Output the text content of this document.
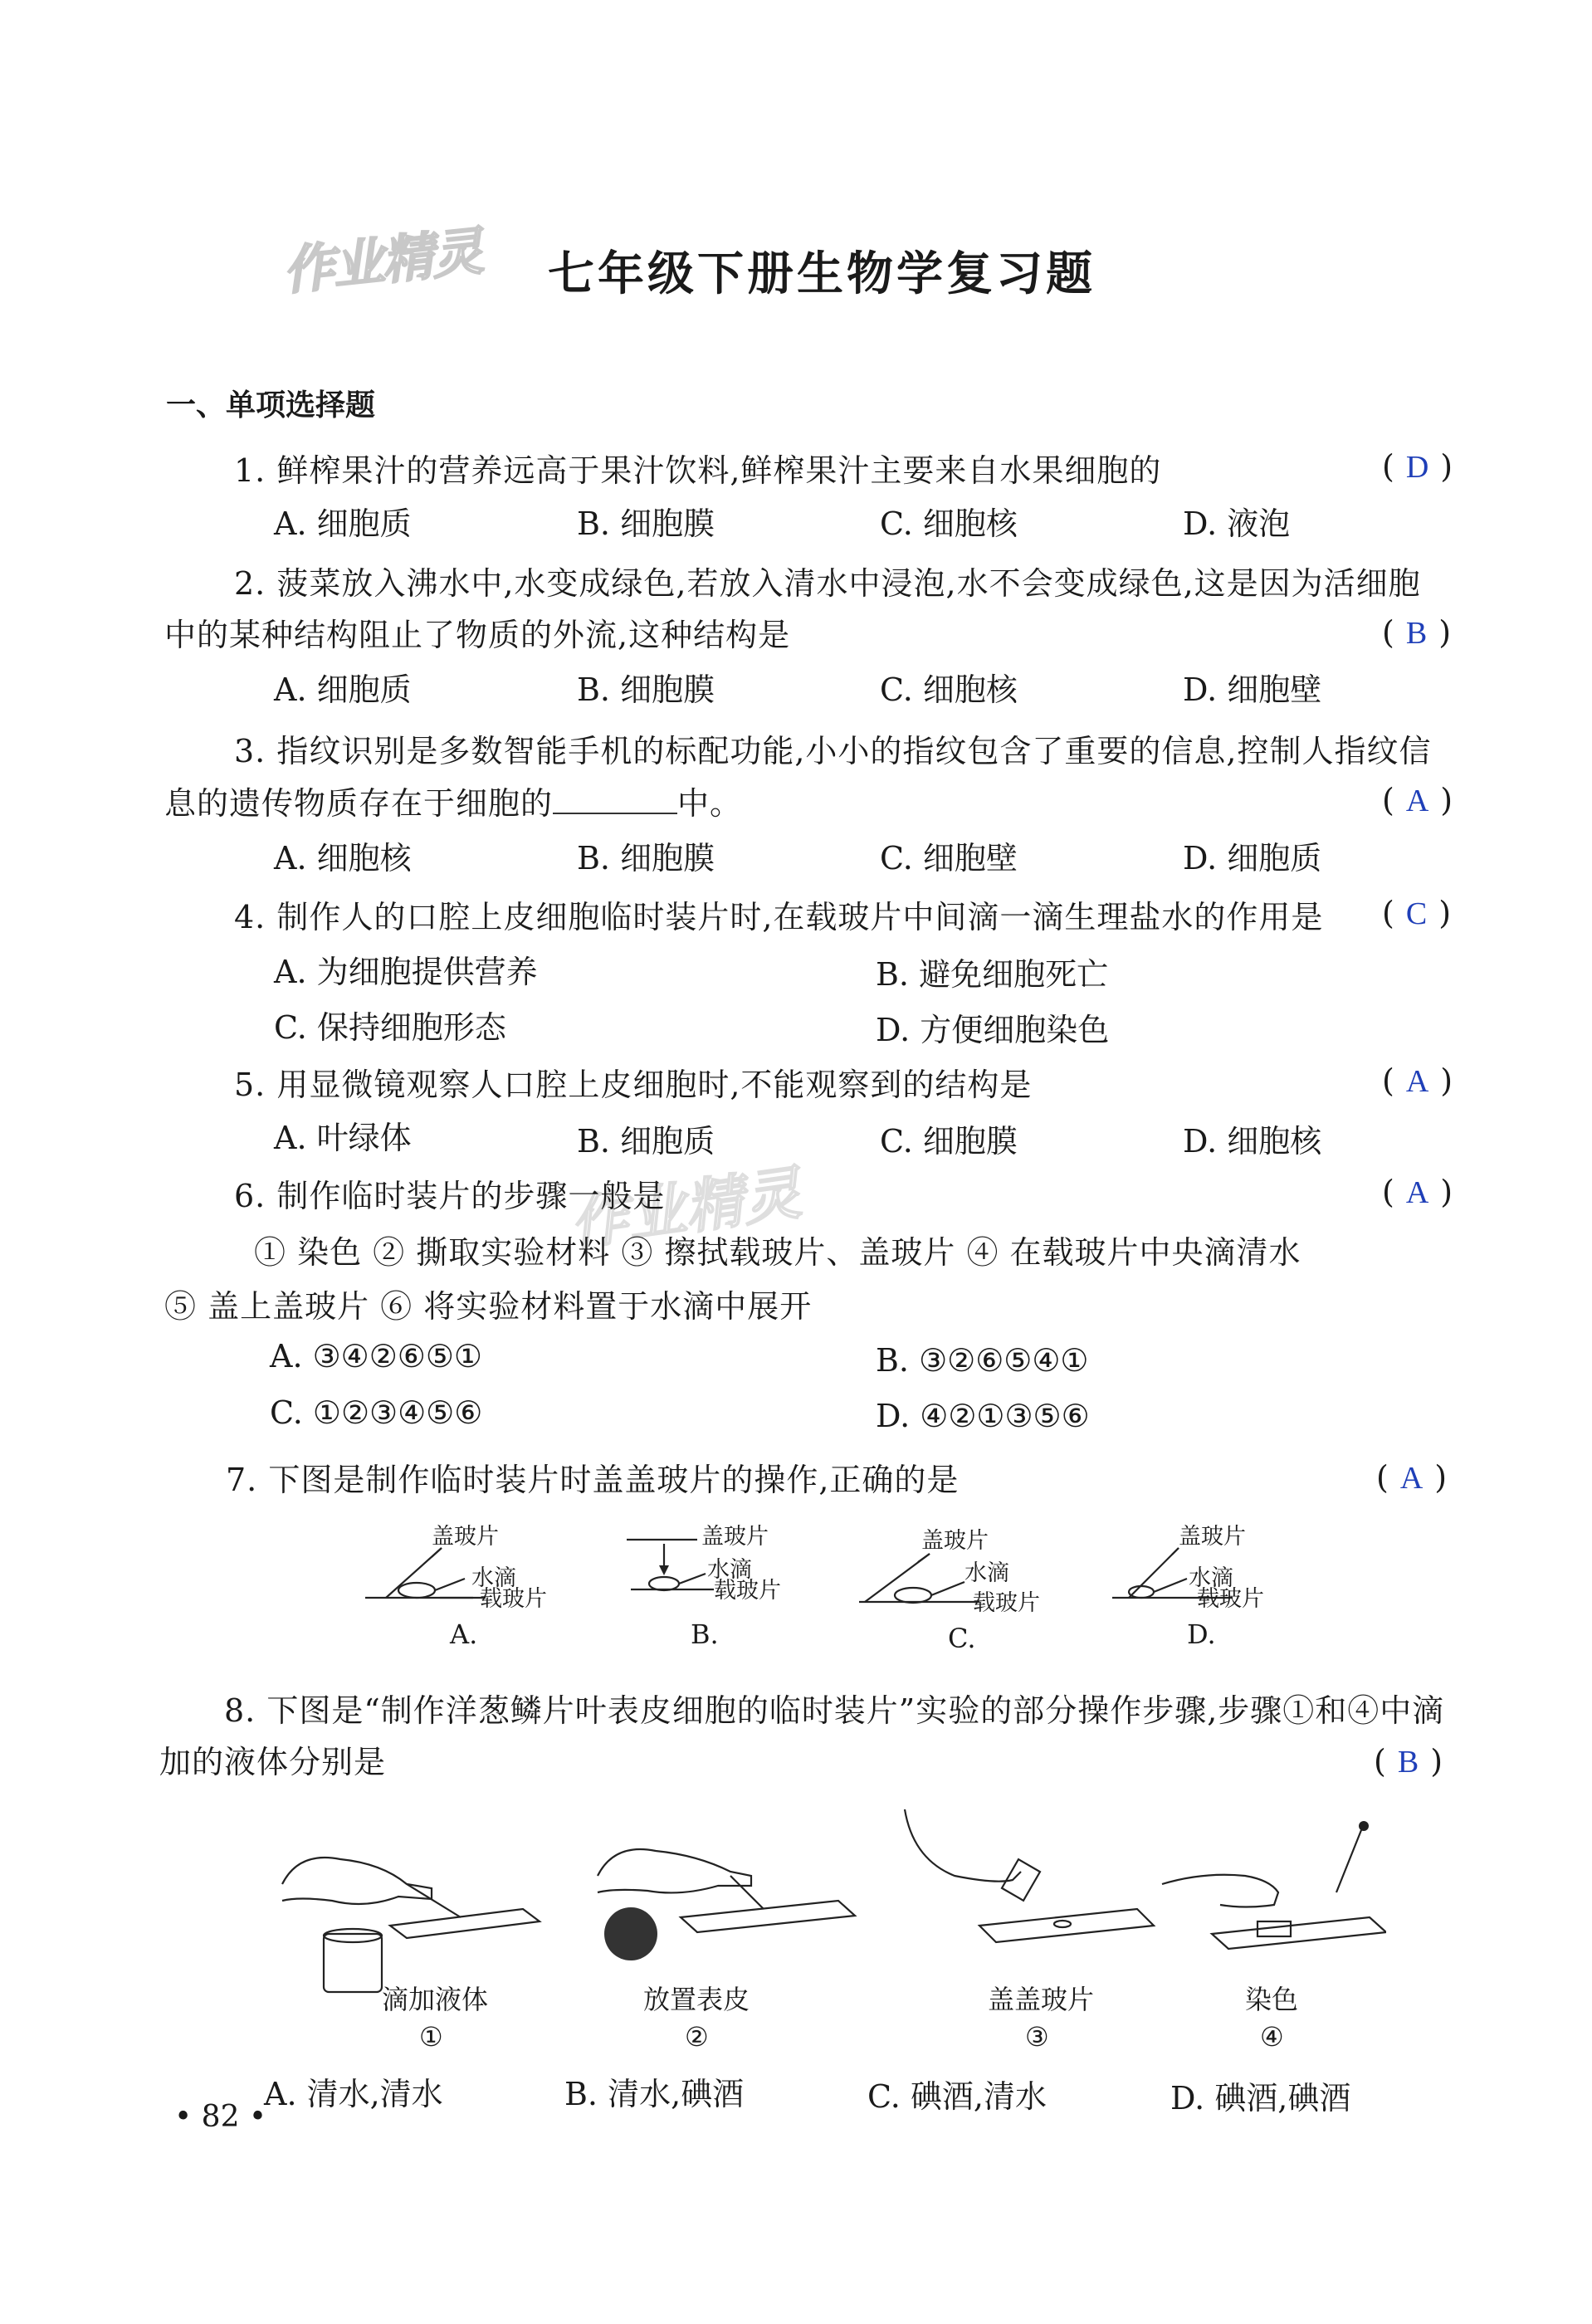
作业精灵
作业精灵
七年级下册生物学复习题
一、单项选择题
1. 鲜榨果汁的营养远高于果汁饮料,鲜榨果汁主要来自水果细胞的	( D )
A. 细胞质	B. 细胞膜	C. 细胞核	D. 液泡
2. 菠菜放入沸水中,水变成绿色,若放入清水中浸泡,水不会变成绿色,这是因为活细胞
中的某种结构阻止了物质的外流,这种结构是	( B )
A. 细胞质	B. 细胞膜	C. 细胞核	D. 细胞壁
3. 指纹识别是多数智能手机的标配功能,小小的指纹包含了重要的信息,控制人指纹信
息的遗传物质存在于细胞的	中。	( A )
A. 细胞核	B. 细胞膜	C. 细胞壁	D. 细胞质
4. 制作人的口腔上皮细胞临时装片时,在载玻片中间滴一滴生理盐水的作用是 ( C )
A. 为细胞提供营养	B. 避免细胞死亡
C. 保持细胞形态	D. 方便细胞染色
5. 用显微镜观察人口腔上皮细胞时,不能观察到的结构是	( A )
A. 叶绿体	B. 细胞质	C. 细胞膜	D. 细胞核
6. 制作临时装片的步骤一般是	( A )
① 染色 ② 撕取实验材料 ③ 擦拭载玻片、盖玻片 ④ 在载玻片中央滴清水
⑤ 盖上盖玻片 ⑥ 将实验材料置于水滴中展开
A. ③④②⑥⑤①	B. ③②⑥⑤④①
C. ①②③④⑤⑥	D. ④②①③⑤⑥
7. 下图是制作临时装片时盖盖玻片的操作,正确的是	( A )
盖玻片
水滴
载玻片
A.
盖玻片
水滴
载玻片
B.
盖玻片
水滴
载玻片
C.
盖玻片
水滴
载玻片
D.
8. 下图是“制作洋葱鳞片叶表皮细胞的临时装片”实验的部分操作步骤,步骤①和④中滴
加的液体分别是	( B )
滴加液体
①
放置表皮
②
盖盖玻片
③
染色
④
A. 清水,清水	B. 清水,碘酒	C. 碘酒,清水	D. 碘酒,碘酒
• 82 •
